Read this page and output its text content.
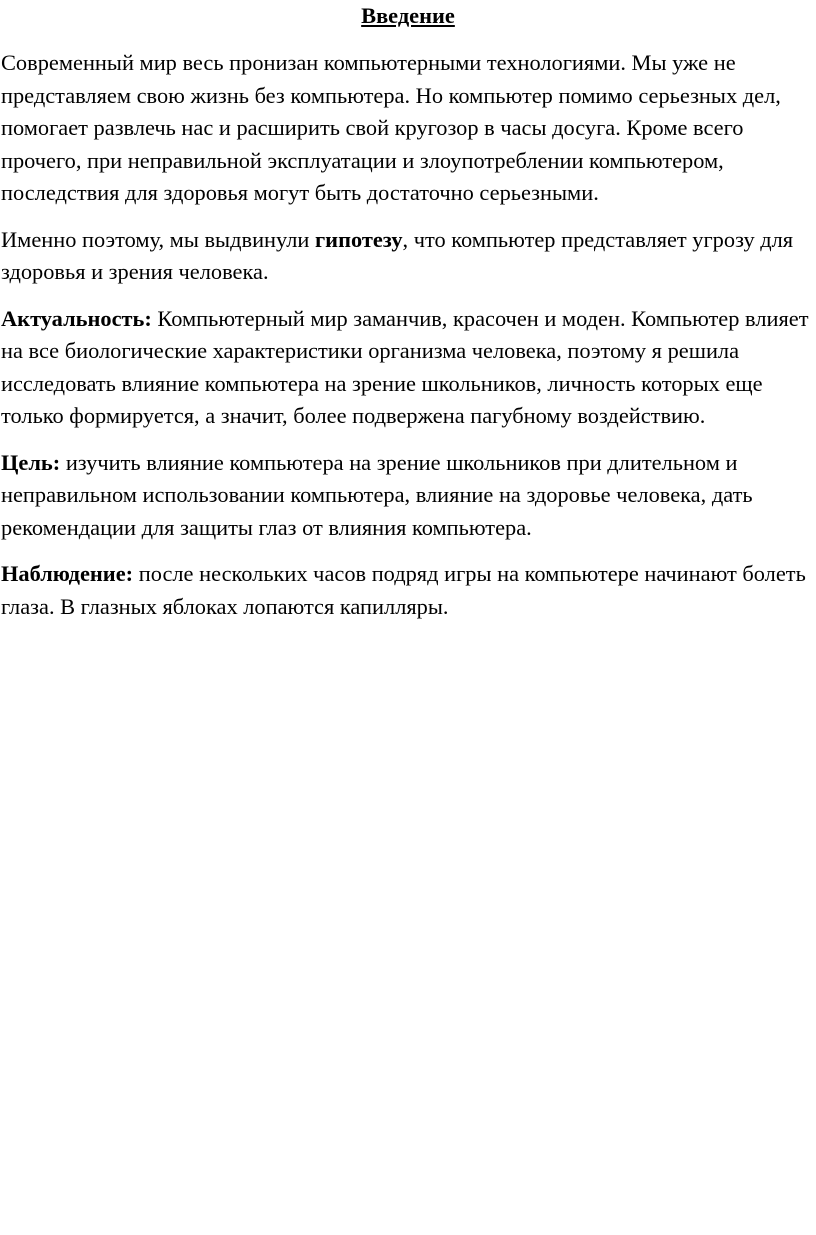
Введение

Современный мир весь пронизан компьютерными технологиями. Мы уже не представляем свою жизнь без компьютера. Но компьютер помимо серьезных дел, помогает развлечь нас и расширить свой кругозор в часы досуга. Кроме всего прочего, при неправильной эксплуатации и злоупотреблении компьютером, последствия для здоровья могут быть достаточно серьезными.

Именно поэтому, мы выдвинули гипотезу, что компьютер представляет угрозу для здоровья и зрения человека.

Актуальность: Компьютерный мир заманчив, красочен и моден. Компьютер влияет на все биологические характеристики организма человека, поэтому я решила исследовать влияние компьютера на зрение школьников, личность которых еще только формируется, а значит, более подвержена пагубному воздействию.

Цель: изучить влияние компьютера на зрение школьников при длительном и неправильном использовании компьютера, влияние на здоровье человека, дать рекомендации для защиты глаз от влияния компьютера.

Наблюдение: после нескольких часов подряд игры на компьютере начинают болеть глаза. В глазных яблоках лопаются капилляры.
